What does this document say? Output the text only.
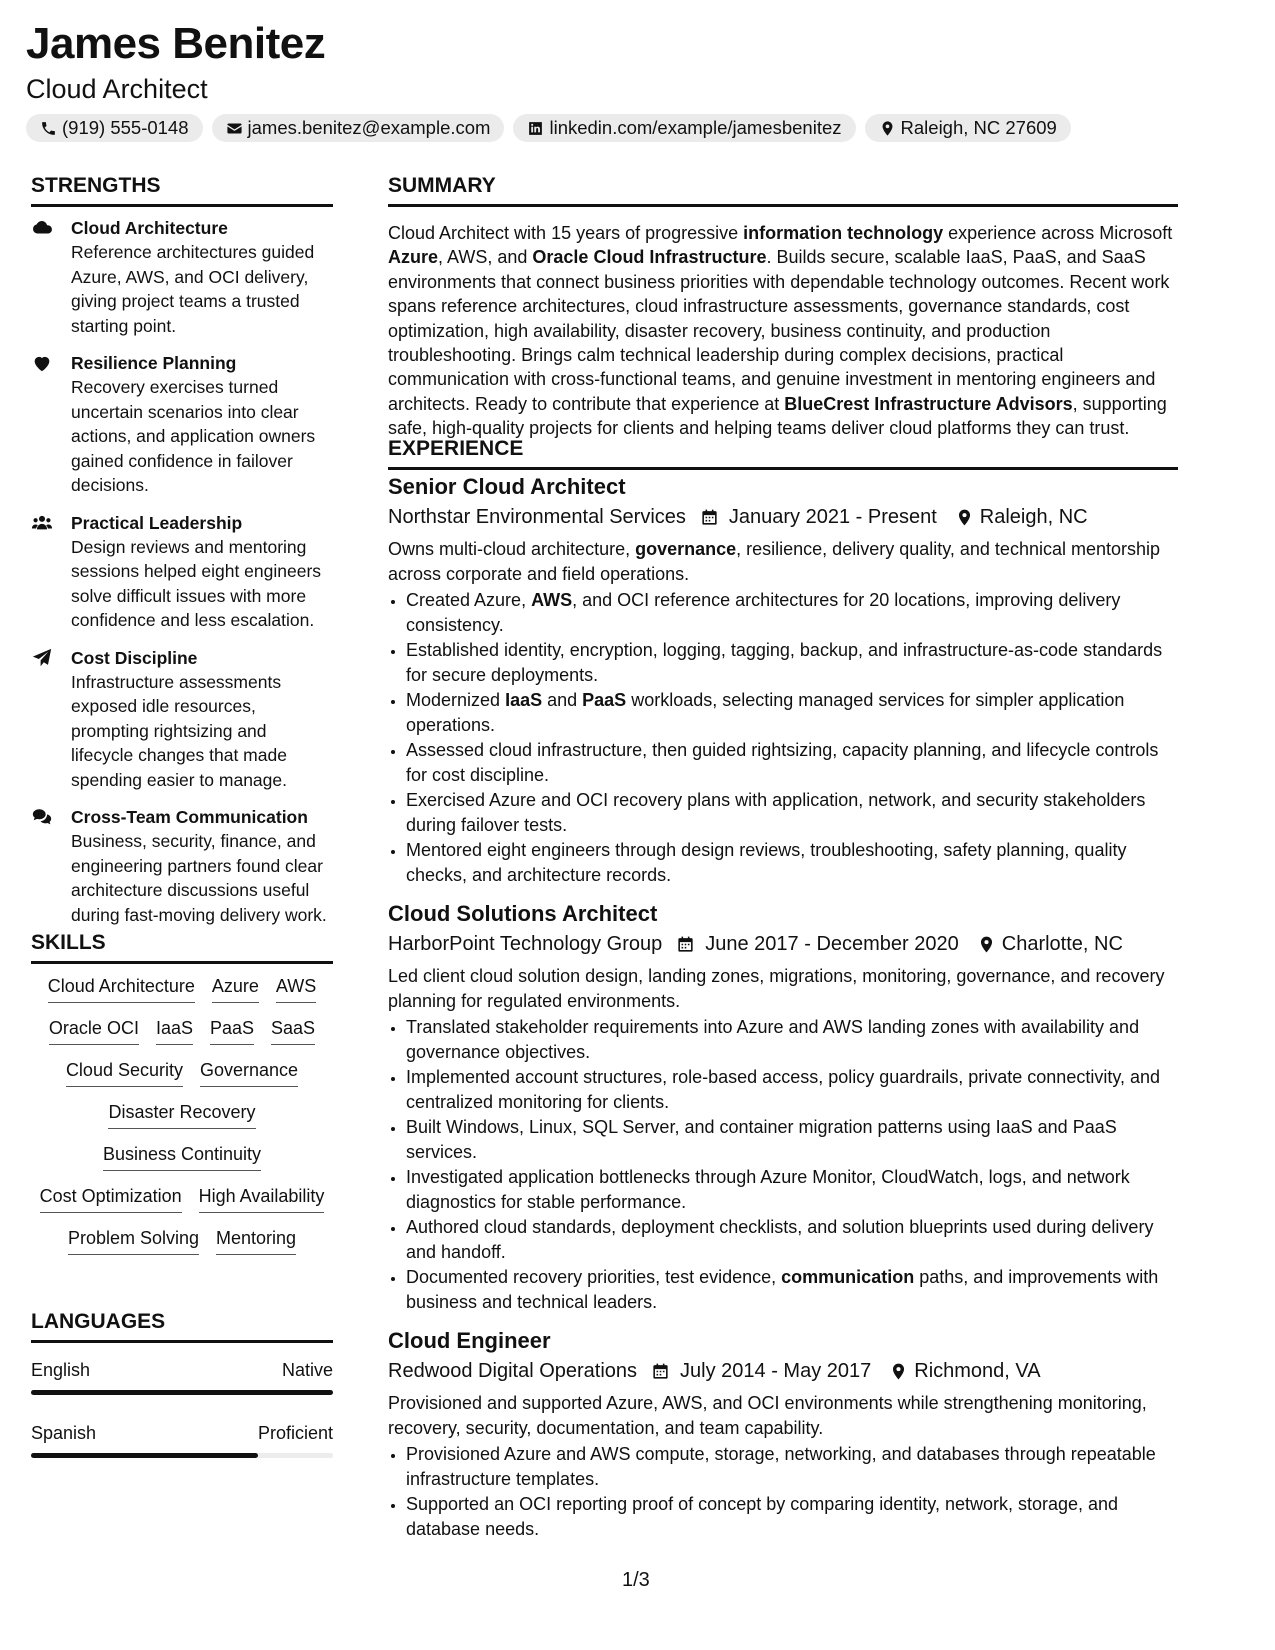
James Benitez
Cloud Architect
(919) 555-0148	james.benitez@example.com	linkedin.com/example/jamesbenitez	Raleigh, NC 27609
STRENGTHS
Cloud Architecture
Reference architectures guided Azure, AWS, and OCI delivery, giving project teams a trusted starting point.
Resilience Planning
Recovery exercises turned uncertain scenarios into clear actions, and application owners gained confidence in failover decisions.
Practical Leadership
Design reviews and mentoring sessions helped eight engineers solve difficult issues with more confidence and less escalation.
Cost Discipline
Infrastructure assessments exposed idle resources, prompting rightsizing and lifecycle changes that made spending easier to manage.
Cross-Team Communication
Business, security, finance, and engineering partners found clear architecture discussions useful during fast-moving delivery work.
SKILLS
Cloud Architecture Azure AWS
Oracle OCI IaaS PaaS SaaS
Cloud Security Governance
Disaster Recovery
Business Continuity
Cost Optimization High Availability
Problem Solving Mentoring
LANGUAGES
English	Native
Spanish	Proficient
SUMMARY

Cloud Architect with 15 years of progressive information technology experience across Microsoft Azure, AWS, and Oracle Cloud Infrastructure. Builds secure, scalable IaaS, PaaS, and SaaS environments that connect business priorities with dependable technology outcomes. Recent work spans reference architectures, cloud infrastructure assessments, governance standards, cost optimization, high availability, disaster recovery, business continuity, and production troubleshooting. Brings calm technical leadership during complex decisions, practical communication with cross-functional teams, and genuine investment in mentoring engineers and architects. Ready to contribute that experience at BlueCrest Infrastructure Advisors, supporting safe, high-quality projects for clients and helping teams deliver cloud platforms they can trust.

EXPERIENCE
Senior Cloud Architect
Northstar Environmental Services January 2021 - Present Raleigh, NC

Owns multi-cloud architecture, governance, resilience, delivery quality, and technical mentorship across corporate and field operations.

• Created Azure, AWS, and OCI reference architectures for 20 locations, improving delivery consistency.
• Established identity, encryption, logging, tagging, backup, and infrastructure-as-code standards for secure deployments.
• Modernized IaaS and PaaS workloads, selecting managed services for simpler application operations.
• Assessed cloud infrastructure, then guided rightsizing, capacity planning, and lifecycle controls for cost discipline.
• Exercised Azure and OCI recovery plans with application, network, and security stakeholders during failover tests.
• Mentored eight engineers through design reviews, troubleshooting, safety planning, quality checks, and architecture records.
Cloud Solutions Architect
HarborPoint Technology Group June 2017 - December 2020 Charlotte, NC

Led client cloud solution design, landing zones, migrations, monitoring, governance, and recovery planning for regulated environments.

• Translated stakeholder requirements into Azure and AWS landing zones with availability and governance objectives.
• Implemented account structures, role-based access, policy guardrails, private connectivity, and centralized monitoring for clients.
• Built Windows, Linux, SQL Server, and container migration patterns using IaaS and PaaS services.
• Investigated application bottlenecks through Azure Monitor, CloudWatch, logs, and network diagnostics for stable performance.
• Authored cloud standards, deployment checklists, and solution blueprints used during delivery and handoff.
• Documented recovery priorities, test evidence, communication paths, and improvements with business and technical leaders.
Cloud Engineer
Redwood Digital Operations July 2014 - May 2017 Richmond, VA

Provisioned and supported Azure, AWS, and OCI environments while strengthening monitoring, recovery, security, documentation, and team capability.

• Provisioned Azure and AWS compute, storage, networking, and databases through repeatable infrastructure templates.
• Supported an OCI reporting proof of concept by comparing identity, network, storage, and database needs.
1/3
